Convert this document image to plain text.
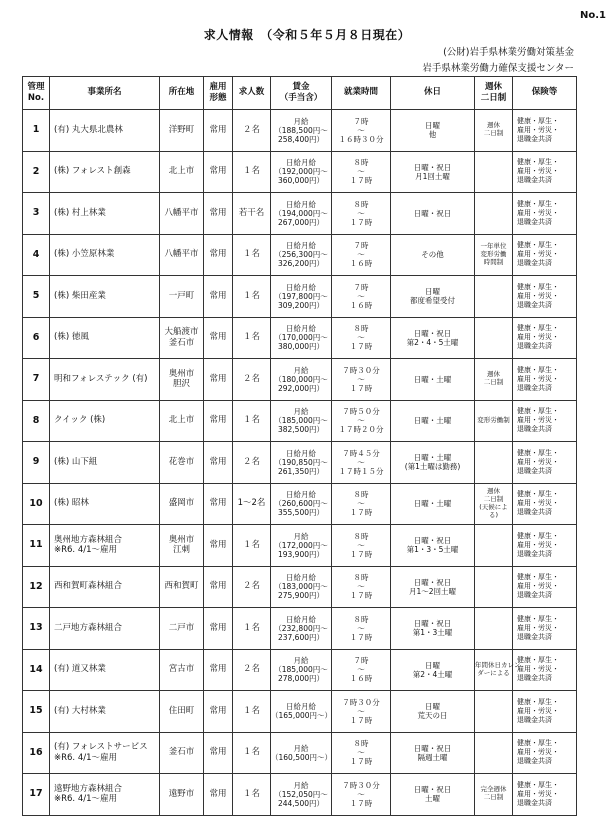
No.1
求人情報　（令和５年５月８日現在）
(公財)岩手県林業労働対策基金
岩手県林業労働力確保支援センター
管理
No.	事業所名	所在地	雇用
形態	求人数	賃金
（手当含）	就業時間	休日	週休
二日制	保険等

1	(有) 丸大県北農林	洋野町	常用	２名	月給
（188,500円～
258,400円）	７時
～
１６時３０分	日曜
他	週休
二日制	健康・厚生・
雇用・労災・
退職金共済

2	(株) フォレスト創森	北上市	常用	１名	日給月給
（192,000円～
360,000円）	８時
～
１７時	日曜・祝日
月1回土曜		健康・厚生・
雇用・労災・
退職金共済

3	(株) 村上林業	八幡平市	常用	若干名	日給月給
（194,000円～
267,000円）	８時
～
１７時	日曜・祝日		健康・厚生・
雇用・労災・
退職金共済

4	(株) 小笠原林業	八幡平市	常用	１名	日給月給
（256,300円～
326,200円）	７時
～
１６時	その他	一年単位
変形労働
時間制	健康・厚生・
雇用・労災・
退職金共済

5	(株) 柴田産業	一戸町	常用	１名	日給月給
（197,800円～
309,200円）	７時
～
１６時	日曜
都度希望受付		健康・厚生・
雇用・労災・
退職金共済

6	(株) 徳風	大船渡市
釜石市	常用	１名	日給月給
（170,000円～
380,000円）	８時
～
１７時	日曜・祝日
第2・4・5土曜		健康・厚生・
雇用・労災・
退職金共済

7	明和フォレステック (有)	奥州市
胆沢	常用	２名	月給
（180,000円～
292,000円）	７時３０分
～
１７時	日曜・土曜	週休
二日制	健康・厚生・
雇用・労災・
退職金共済

8	クイック (株)	北上市	常用	１名	月給
（185,000円～
382,500円）	７時５０分
～
１７時２０分	日曜・土曜	変形労働制	健康・厚生・
雇用・労災・
退職金共済

9	(株) 山下組	花巻市	常用	２名	日給月給
（190,850円～
261,350円）	７時４５分
～
１７時１５分	日曜・土曜
(第1土曜は勤務)		健康・厚生・
雇用・労災・
退職金共済

10	(株) 昭林	盛岡市	常用	1～2名	日給月給
（260,600円～
355,500円）	８時
～
１７時	日曜・土曜	週休
二日制
(天候によ
る)	健康・厚生・
雇用・労災・
退職金共済

11	奥州地方森林組合
※R6. 4/1～雇用	奥州市
江刺	常用	１名	月給
（172,000円～
193,900円）	８時
～
１７時	日曜・祝日
第1・3・5土曜		健康・厚生・
雇用・労災・
退職金共済

12	西和賀町森林組合	西和賀町	常用	２名	日給月給
（183,000円～
275,900円）	８時
～
１７時	日曜・祝日
月1～2回土曜		健康・厚生・
雇用・労災・
退職金共済

13	二戸地方森林組合	二戸市	常用	１名	日給月給
（232,800円～
237,600円）	８時
～
１７時	日曜・祝日
第1・3土曜		健康・厚生・
雇用・労災・
退職金共済

14	(有) 道又林業	宮古市	常用	２名	月給
（185,000円～
278,000円）	７時
～
１６時	日曜
第2・4土曜	年間休日カレン
ダーによる	健康・厚生・
雇用・労災・
退職金共済

15	(有) 大村林業	住田町	常用	１名	日給月給
（165,000円～）	７時３０分
～
１７時	日曜
荒天の日		健康・厚生・
雇用・労災・
退職金共済

16	(有) フォレストサービス
※R6. 4/1～雇用	釜石市	常用	１名	月給
（160,500円～）	８時
～
１７時	日曜・祝日
隔週土曜		健康・厚生・
雇用・労災・
退職金共済

17	遠野地方森林組合
※R6. 4/1～雇用	遠野市	常用	１名	月給
（152,050円～
244,500円）	７時３０分
～
１７時	日曜・祝日
土曜	完全週休
二日制	健康・厚生・
雇用・労災・
退職金共済
